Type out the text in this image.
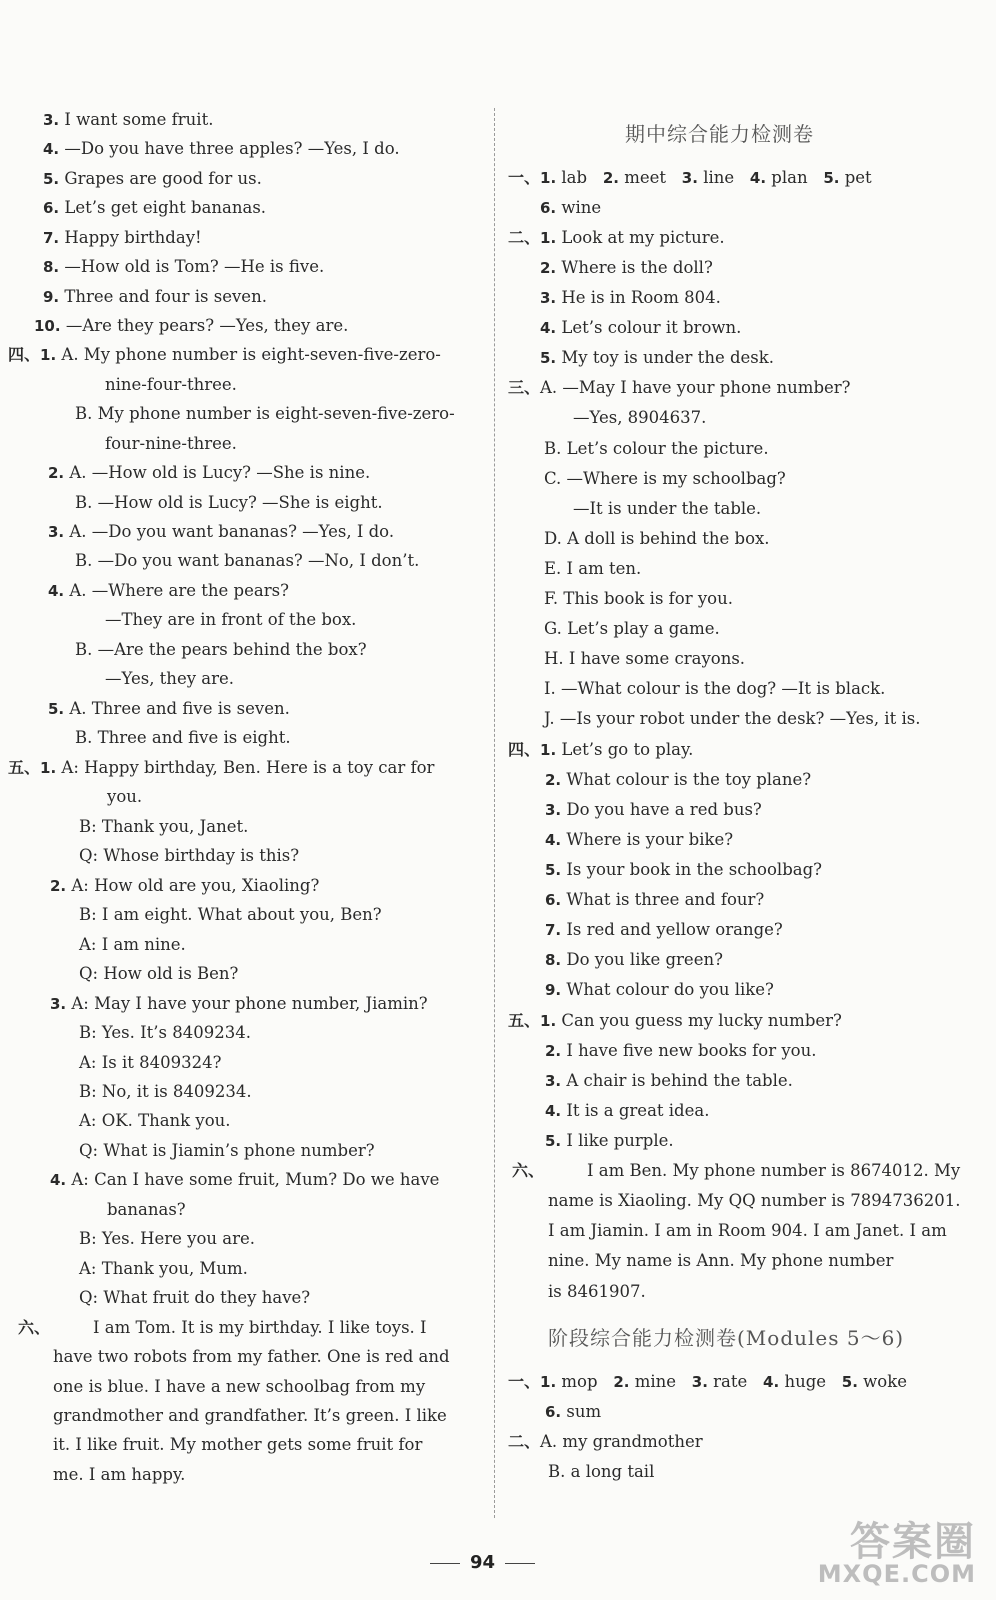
3. I want some fruit.
4. —Do you have three apples? —Yes, I do.
5. Grapes are good for us.
6. Let’s get eight bananas.
7. Happy birthday!
8. —How old is Tom? —He is five.
9. Three and four is seven.
10. —Are they pears? —Yes, they are.
四、1. A. My phone number is eight-seven-five-zero-
nine-four-three.
B. My phone number is eight-seven-five-zero-
four-nine-three.
2. A. —How old is Lucy? —She is nine.
B. —How old is Lucy? —She is eight.
3. A. —Do you want bananas? —Yes, I do.
B. —Do you want bananas? —No, I don’t.
4. A. —Where are the pears?
—They are in front of the box.
B. —Are the pears behind the box?
—Yes, they are.
5. A. Three and five is seven.
B. Three and five is eight.
五、1. A: Happy birthday, Ben. Here is a toy car for
you.
B: Thank you, Janet.
Q: Whose birthday is this?
2. A: How old are you, Xiaoling?
B: I am eight. What about you, Ben?
A: I am nine.
Q: How old is Ben?
3. A: May I have your phone number, Jiamin?
B: Yes. It’s 8409234.
A: Is it 8409324?
B: No, it is 8409234.
A: OK. Thank you.
Q: What is Jiamin’s phone number?
4. A: Can I have some fruit, Mum? Do we have
bananas?
B: Yes. Here you are.
A: Thank you, Mum.
Q: What fruit do they have?
六、	I am Tom. It is my birthday. I like toys. I
have two robots from my father. One is red and
one is blue. I have a new schoolbag from my
grandmother and grandfather. It’s green. I like
it. I like fruit. My mother gets some fruit for
me. I am happy.
期中综合能力检测卷
一、1. lab 2. meet 3. line 4. plan 5. pet
6. wine
二、1. Look at my picture.
2. Where is the doll?
3. He is in Room 804.
4. Let’s colour it brown.
5. My toy is under the desk.
三、A. —May I have your phone number?
—Yes, 8904637.
B. Let’s colour the picture.
C. —Where is my schoolbag?
—It is under the table.
D. A doll is behind the box.
E. I am ten.
F. This book is for you.
G. Let’s play a game.
H. I have some crayons.
I. —What colour is the dog? —It is black.
J. —Is your robot under the desk? —Yes, it is.
四、1. Let’s go to play.
2. What colour is the toy plane?
3. Do you have a red bus?
4. Where is your bike?
5. Is your book in the schoolbag?
6. What is three and four?
7. Is red and yellow orange?
8. Do you like green?
9. What colour do you like?
五、1. Can you guess my lucky number?
2. I have five new books for you.
3. A chair is behind the table.
4. It is a great idea.
5. I like purple.
六、	I am Ben. My phone number is 8674012. My
name is Xiaoling. My QQ number is 7894736201.
I am Jiamin. I am in Room 904. I am Janet. I am
nine. My name is Ann. My phone number
is 8461907.
阶段综合能力检测卷(Modules 5～6)
一、1. mop 2. mine 3. rate 4. huge 5. woke
6. sum
二、A. my grandmother
B. a long tail
94	答案圈
MXQE.COM
